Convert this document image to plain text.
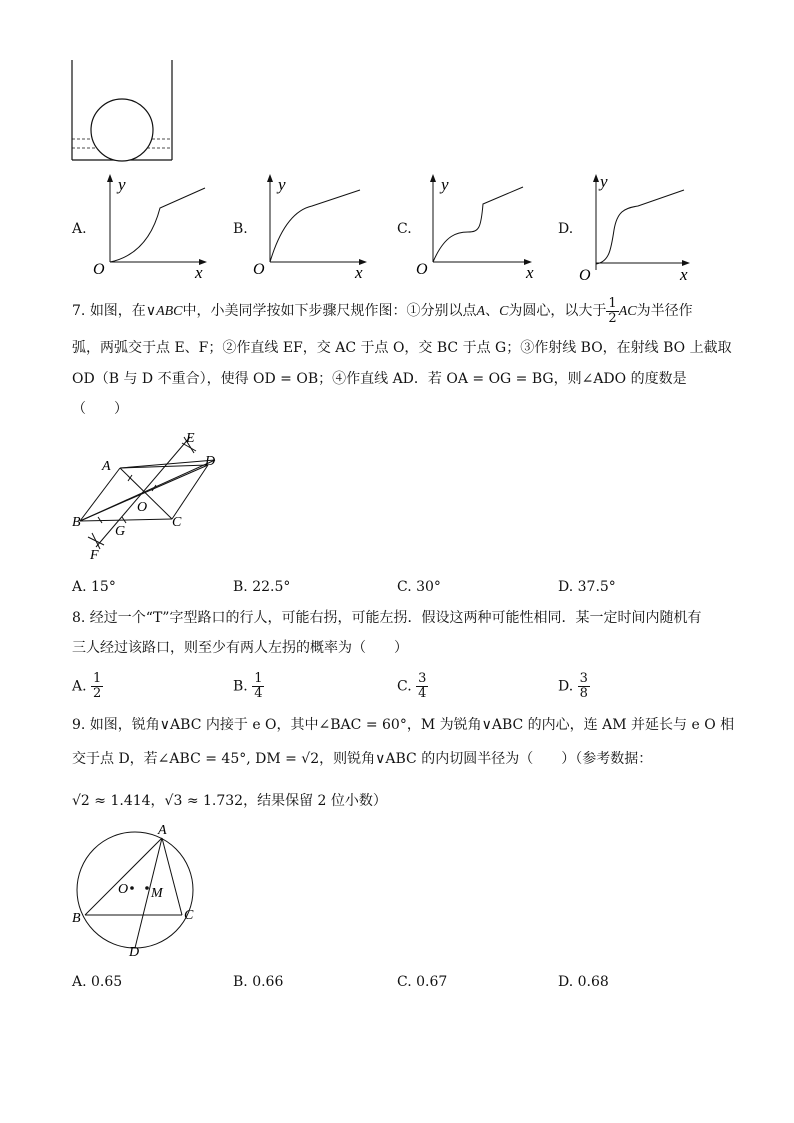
A.
y
x
O
B.
y
x
O
C.
y
x
O
D.
y
x
O
7. 如图，在∨ABC中，小美同学按如下步骤尺规作图：①分别以点A、C为圆心，以大于 $\frac{1}{2}$ AC为半径作
弧，两弧交于点 E、F；②作直线 EF，交 AC 于点 O，交 BC 于点 G；③作射线 BO，在射线 BO 上截取
OD（B 与 D 不重合），使得 OD = OB；④作直线 AD．若 OA = OG = BG，则∠ADO 的度数是
（　　）
A
B	C
D
E
F
G
O
A. 15°	B. 22.5°	C. 30°	D. 37.5°
8. 经过一个“T”字型路口的行人，可能右拐，可能左拐．假设这两种可能性相同．某一定时间内随机有
三人经过该路口，则至少有两人左拐的概率为（　　）
A. $\frac{1}{2}$	B. $\frac{1}{4}$	C. $\frac{3}{4}$	D. $\frac{3}{8}$
9. 如图，锐角∨ABC 内接于 e O，其中∠BAC = 60°，M 为锐角∨ABC 的内心，连 AM 并延长与 e O 相
交于点 D，若∠ABC = 45°, DM = √2，则锐角∨ABC 的内切圆半径为（　　）（参考数据：
√2 ≈ 1.414，√3 ≈ 1.732，结果保留 2 位小数）
A
B	C
D
O M
A. 0.65	B. 0.66	C. 0.67	D. 0.68
